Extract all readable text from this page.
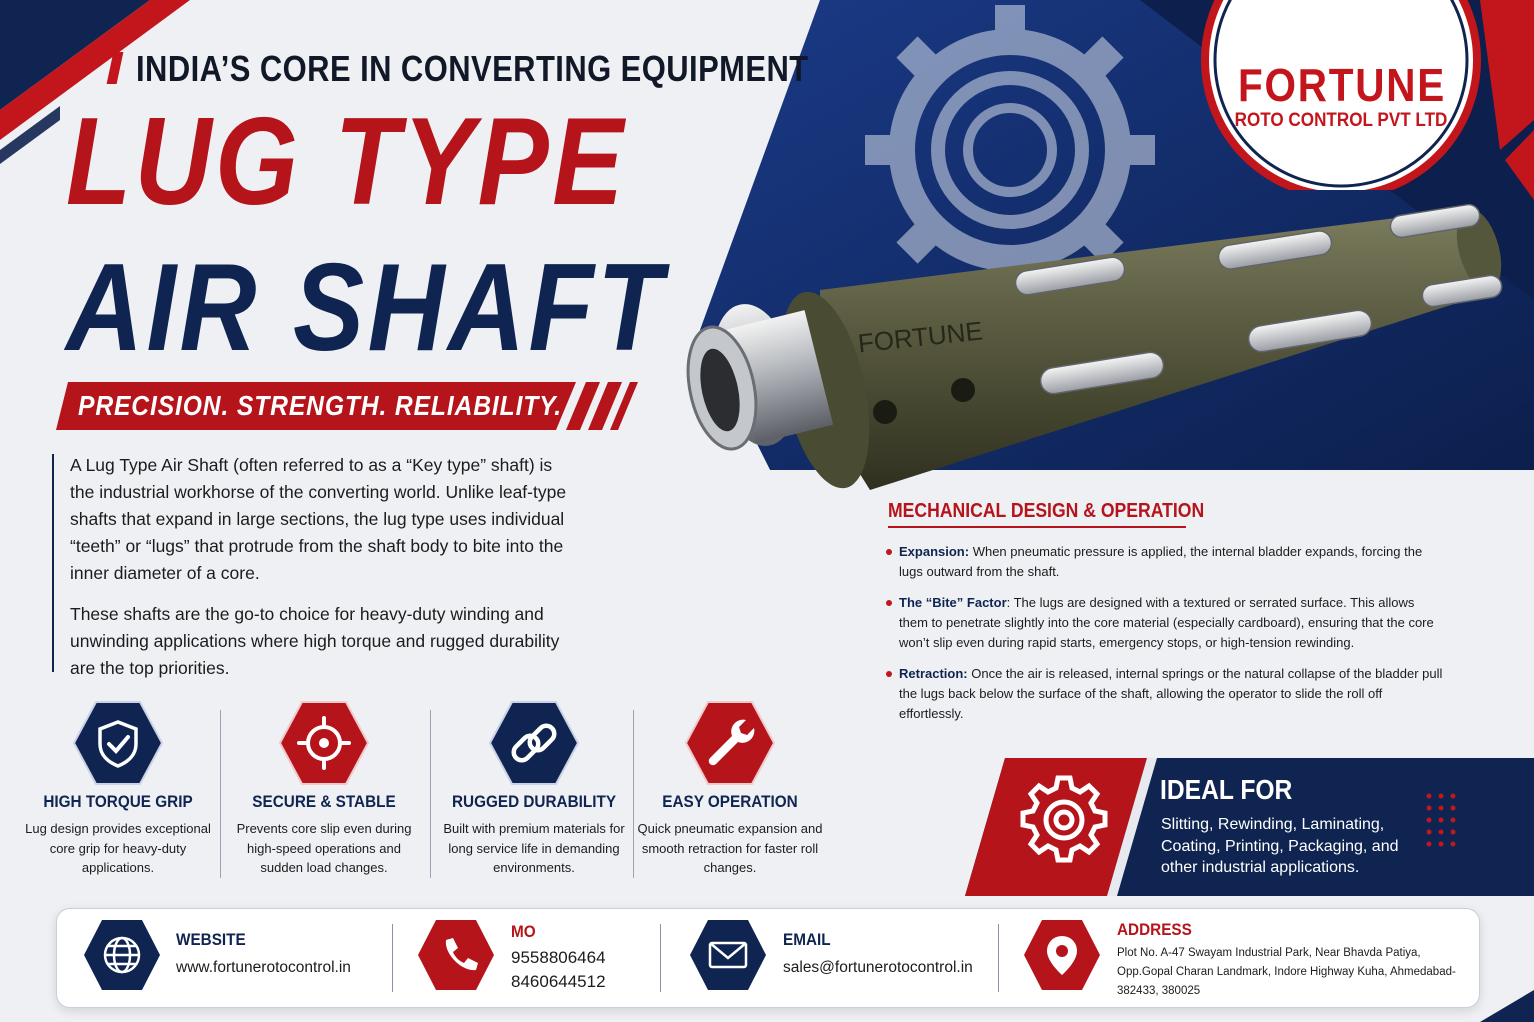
FORTUNE
ROTO CONTROL PVT LTD
FORTUNE
INDIA’S CORE IN CONVERTING EQUIPMENT
LUG TYPE
AIR SHAFT
PRECISION. STRENGTH. RELIABILITY.

A Lug Type Air Shaft (often referred to as a “Key type” shaft) is the industrial workhorse of the converting world. Unlike leaf-type shafts that expand in large sections, the lug type uses individual “teeth” or “lugs” that protrude from the shaft body to bite into the inner diameter of a core.

These shafts are the go-to choice for heavy-duty winding and unwinding applications where high torque and rugged durability are the top priorities.

MECHANICAL DESIGN & OPERATION
Expansion: When pneumatic pressure is applied, the internal bladder expands, forcing the lugs outward from the shaft.
The “Bite” Factor: The lugs are designed with a textured or serrated surface. This allows them to penetrate slightly into the core material (especially cardboard), ensuring that the core won’t slip even during rapid starts, emergency stops, or high-tension rewinding.
Retraction: Once the air is released, internal springs or the natural collapse of the bladder pull the lugs back below the surface of the shaft, allowing the operator to slide the roll off effortlessly.
HIGH TORQUE GRIP

Lug design provides exceptional core grip for heavy-duty applications.

SECURE & STABLE

Prevents core slip even during high-speed operations and sudden load changes.

RUGGED DURABILITY

Built with premium materials for long service life in demanding environments.

EASY OPERATION

Quick pneumatic expansion and smooth retraction for faster roll changes.

IDEAL FOR
Slitting, Rewinding, Laminating, Coating, Printing, Packaging, and other industrial applications.
WEBSITE
www.fortunerotocontrol.in
MO
9558806464
8460644512
EMAIL
sales@fortunerotocontrol.in
ADDRESS
Plot No. A-47 Swayam Industrial Park, Near Bhavda Patiya, Opp.Gopal Charan Landmark, Indore Highway Kuha, Ahmedabad-382433, 380025
